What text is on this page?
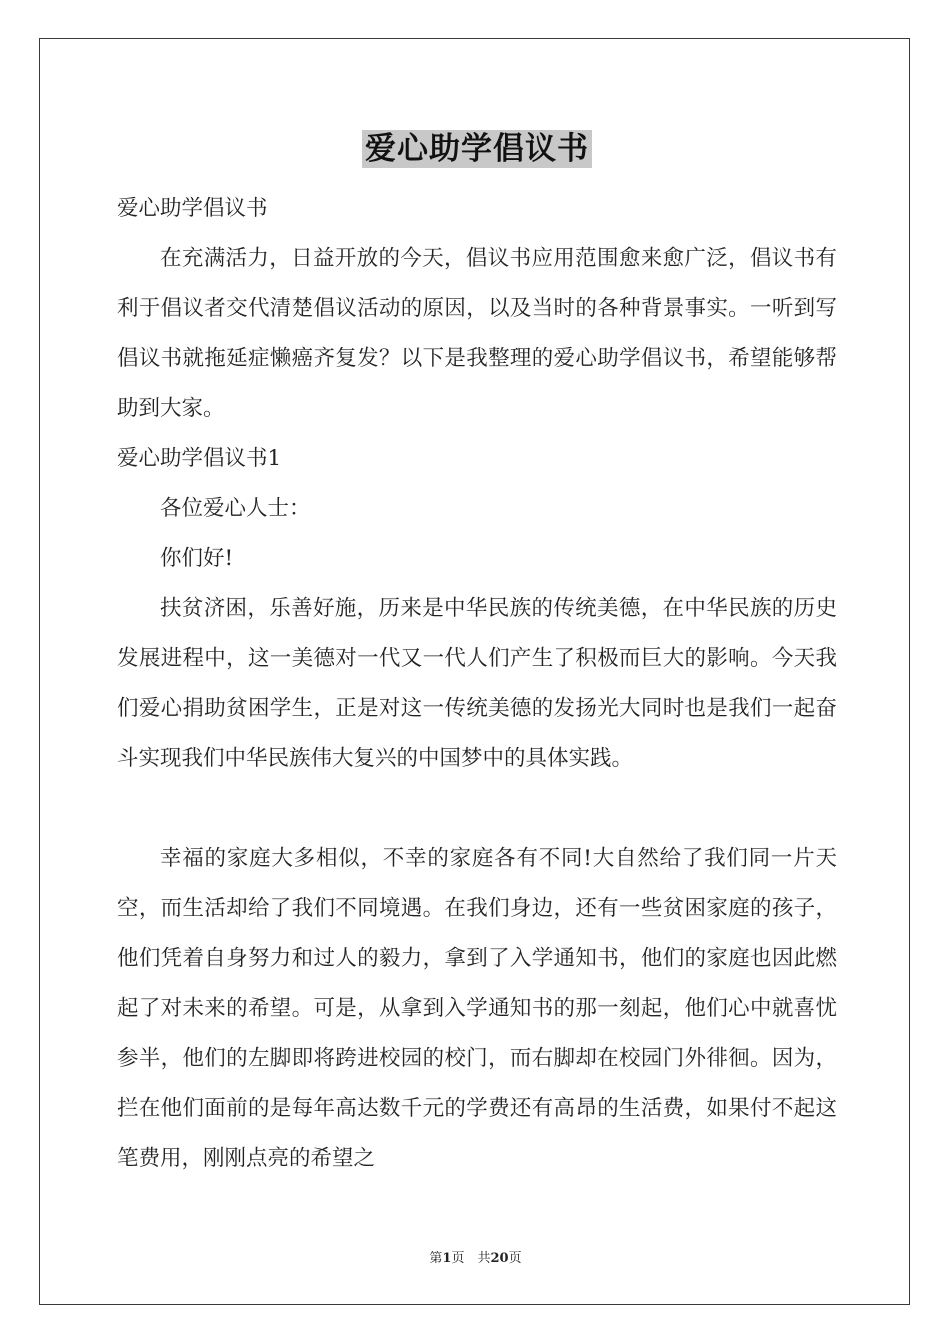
爱心助学倡议书

爱心助学倡议书

在充满活力，日益开放的今天，倡议书应用范围愈来愈广泛，倡议书有利于倡议者交代清楚倡议活动的原因，以及当时的各种背景事实。一听到写倡议书就拖延症懒癌齐复发？以下是我整理的爱心助学倡议书，希望能够帮助到大家。

爱心助学倡议书1

各位爱心人士：

你们好!

扶贫济困，乐善好施，历来是中华民族的传统美德，在中华民族的历史发展进程中，这一美德对一代又一代人们产生了积极而巨大的影响。今天我们爱心捐助贫困学生，正是对这一传统美德的发扬光大同时也是我们一起奋斗实现我们中华民族伟大复兴的中国梦中的具体实践。

幸福的家庭大多相似，不幸的家庭各有不同!大自然给了我们同一片天空，而生活却给了我们不同境遇。在我们身边，还有一些贫困家庭的孩子，他们凭着自身努力和过人的毅力，拿到了入学通知书，他们的家庭也因此燃起了对未来的希望。可是，从拿到入学通知书的那一刻起，他们心中就喜忧参半，他们的左脚即将跨进校园的校门，而右脚却在校园门外徘徊。因为，拦在他们面前的是每年高达数千元的学费还有高昂的生活费，如果付不起这笔费用，刚刚点亮的希望之

第1页　共20页
